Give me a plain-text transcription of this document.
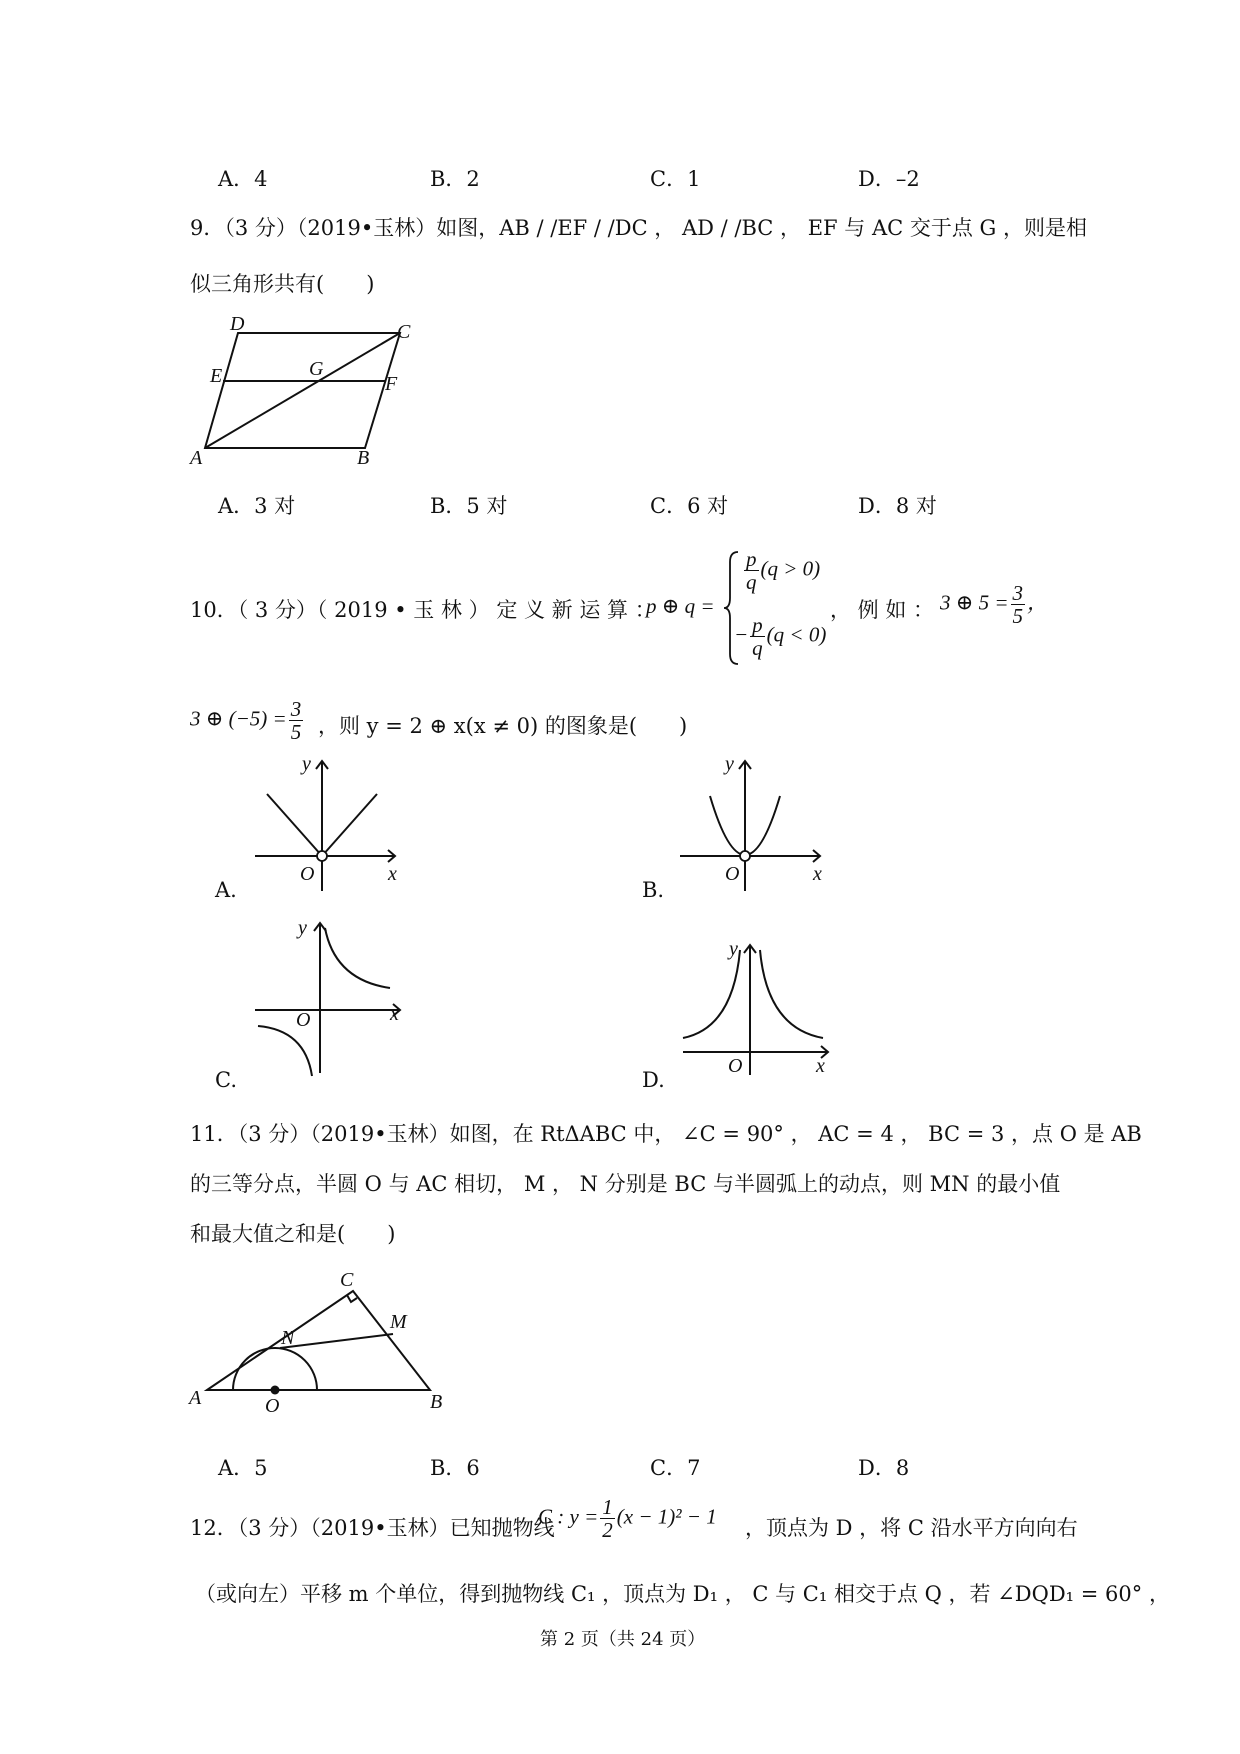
A．4	B．2	C．1	D．–2
9．（3 分）（2019•玉林）如图，AB / /EF / /DC ， AD / /BC ， EF 与 AC 交于点 G ，则是相
似三角形共有(　　)
D	C
E	G
F
A	B
A．3 对	B．5 对	C．6 对	D．8 对
10．（ 3 分）（ 2019 • 玉 林 ） 定 义 新 运 算 ：
p ⊕ q =
$\frac{p}{q} (q > 0)$
− $\frac{p}{q} (q < 0)$
， 例 如 ： 3 ⊕ $5 = \frac{3}{5}$ ，
3 ⊕ $(-5) = \frac{3}{5}$ ，则 y = 2 ⊕ x(x ≠ 0) 的图象是(　　)
A.
y
x
O
B.
y
x
O
C.
y
x
O
D.
y
x
O
11．（3 分）（2019•玉林）如图，在 RtΔABC 中， ∠C = 90° ， AC = 4 ， BC = 3 ，点 O 是 AB
的三等分点，半圆 O 与 AC 相切， M ， N 分别是 BC 与半圆弧上的动点，则 MN 的最小值
和最大值之和是(　　)
C
M
N
A	O	B
A．5	B．6	C．7	D．8
12．（3 分）（2019•玉林）已知抛物线
C : $y = \frac{1}{2} (x - 1)^2 - 1$ ，顶点为 D ，将 C 沿水平方向向右
（或向左）平移 m 个单位，得到抛物线 C₁ ，顶点为 D₁ ， C 与 C₁ 相交于点 Q ，若 ∠DQD₁ = 60° ，
第 2 页（共 24 页）
